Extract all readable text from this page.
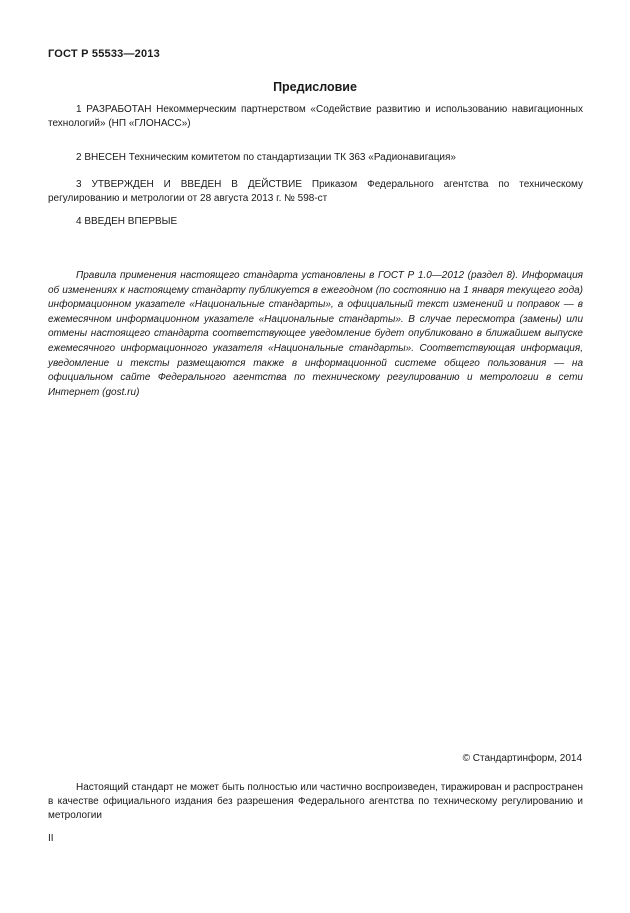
ГОСТ Р 55533—2013
Предисловие

1 РАЗРАБОТАН Некоммерческим партнерством «Содействие развитию и использованию навигационных технологий» (НП «ГЛОНАСС»)

2 ВНЕСЕН Техническим комитетом по стандартизации ТК 363 «Радионавигация»

3 УТВЕРЖДЕН И ВВЕДЕН В ДЕЙСТВИЕ Приказом Федерального агентства по техническому регулированию и метрологии от 28 августа 2013 г. № 598-ст

4 ВВЕДЕН ВПЕРВЫЕ

Правила применения настоящего стандарта установлены в ГОСТ Р 1.0—2012 (раздел 8). Информация об изменениях к настоящему стандарту публикуется в ежегодном (по состоянию на 1 января текущего года) информационном указателе «Национальные стандарты», а официальный текст изменений и поправок — в ежемесячном информационном указателе «Национальные стандарты». В случае пересмотра (замены) или отмены настоящего стандарта соответствующее уведомление будет опубликовано в ближайшем выпуске ежемесячного информационного указателя «Национальные стандарты». Соответствующая информация, уведомление и тексты размещаются также в информационной системе общего пользования — на официальном сайте Федерального агентства по техническому регулированию и метрологии в сети Интернет (gost.ru)

© Стандартинформ, 2014

Настоящий стандарт не может быть полностью или частично воспроизведен, тиражирован и распространен в качестве официального издания без разрешения Федерального агентства по техническому регулированию и метрологии

II
